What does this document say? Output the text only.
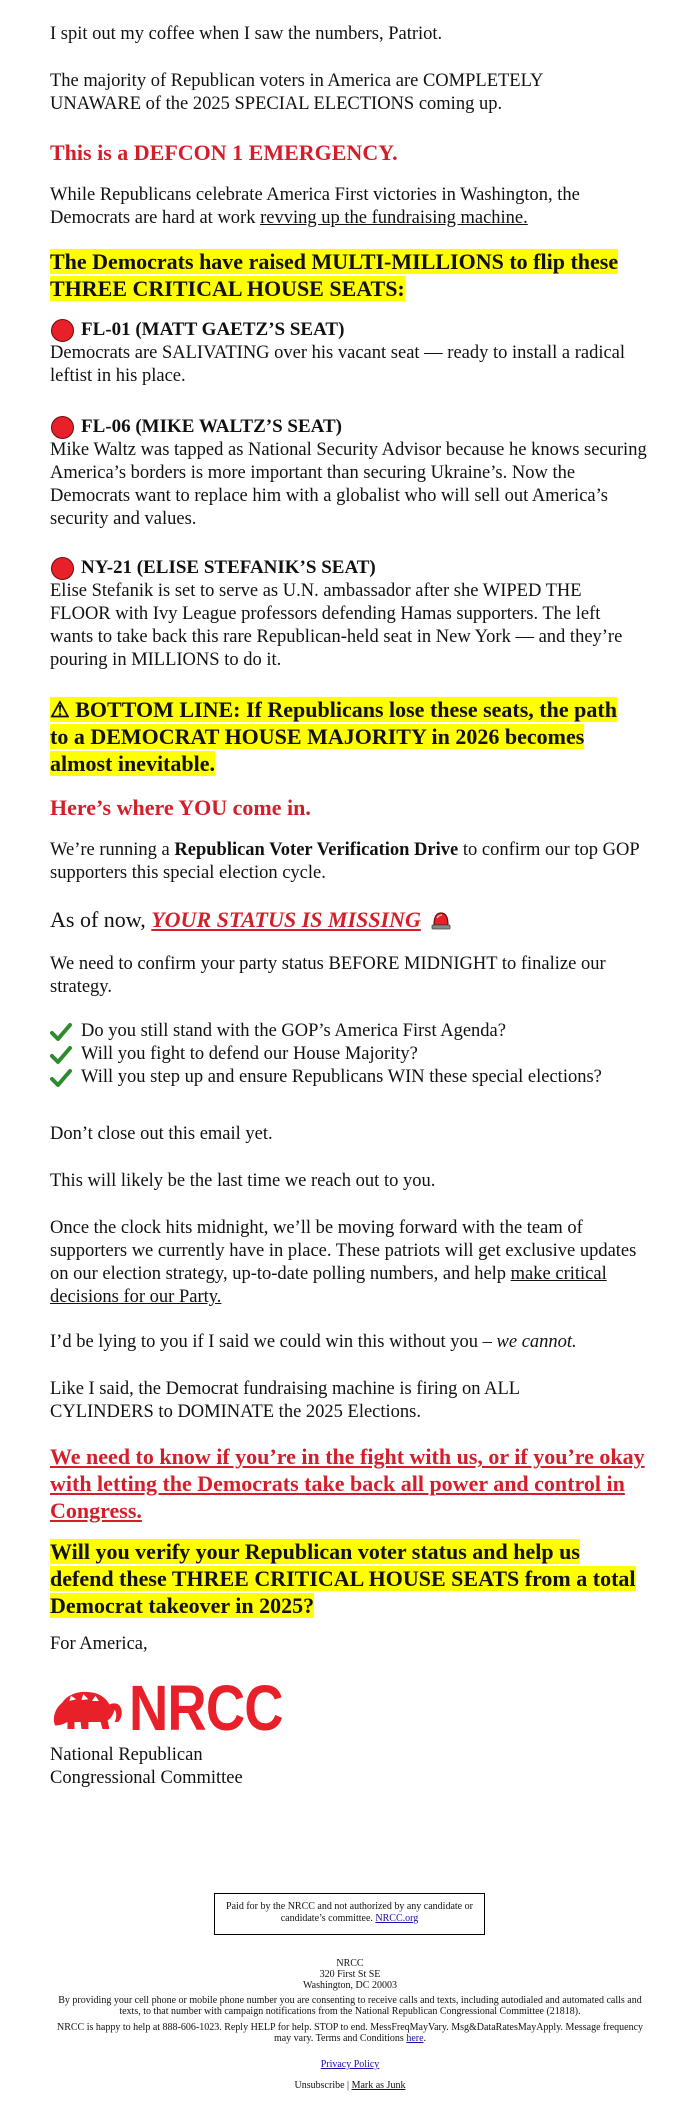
I spit out my coffee when I saw the numbers, Patriot.

The majority of Republican voters in America are COMPLETELY UNAWARE of the 2025 SPECIAL ELECTIONS coming up.

This is a DEFCON 1 EMERGENCY.

While Republicans celebrate America First victories in Washington, the Democrats are hard at work revving up the fundraising machine.

The Democrats have raised MULTI-MILLIONS to flip these THREE CRITICAL HOUSE SEATS:

FL-01 (MATT GAETZ’S SEAT)

Democrats are SALIVATING over his vacant seat — ready to install a radical leftist in his place.

FL-06 (MIKE WALTZ’S SEAT)

Mike Waltz was tapped as National Security Advisor because he knows securing America’s borders is more important than securing Ukraine’s. Now the Democrats want to replace him with a globalist who will sell out America’s security and values.

NY-21 (ELISE STEFANIK’S SEAT)

Elise Stefanik is set to serve as U.N. ambassador after she WIPED THE FLOOR with Ivy League professors defending Hamas supporters. The left wants to take back this rare Republican-held seat in New York — and they’re pouring in MILLIONS to do it.

⚠ BOTTOM LINE: If Republicans lose these seats, the path to a DEMOCRAT HOUSE MAJORITY in 2026 becomes almost inevitable.

Here’s where YOU come in.

We’re running a Republican Voter Verification Drive to confirm our top GOP supporters this special election cycle.

As of now,
YOUR STATUS IS MISSING

We need to confirm your party status BEFORE MIDNIGHT to finalize our strategy.

Do you still stand with the GOP’s America First Agenda?
Will you fight to defend our House Majority?
Will you step up and ensure Republicans WIN these special elections?

Don’t close out this email yet.

This will likely be the last time we reach out to you.

Once the clock hits midnight, we’ll be moving forward with the team of supporters we currently have in place. These patriots will get exclusive updates on our election strategy, up-to-date polling numbers, and help make critical decisions for our Party.

I’d be lying to you if I said we could win this without you – we cannot.

Like I said, the Democrat fundraising machine is firing on ALL CYLINDERS to DOMINATE the 2025 Elections.

We need to know if you’re in the fight with us, or if you’re okay with letting the Democrats take back all power and control in Congress.

Will you verify your Republican voter status and help us defend these THREE CRITICAL HOUSE SEATS from a total Democrat takeover in 2025?

For America,

NRCC

National Republican

Congressional Committee

Paid for by the NRCC and not authorized by any candidate or candidate’s committee. NRCC.org
NRCC
320 First St SE
Washington, DC 20003
By providing your cell phone or mobile phone number you are consenting to receive calls and texts, including autodialed and automated calls and texts, to that number with campaign notifications from the National Republican Congressional Committee (21818).
NRCC is happy to help at 888-606-1023. Reply HELP for help. STOP to end. MessFreqMayVary. Msg&DataRatesMayApply. Message frequency may vary. Terms and Conditions here.
Privacy Policy
Unsubscribe | Mark as Junk
